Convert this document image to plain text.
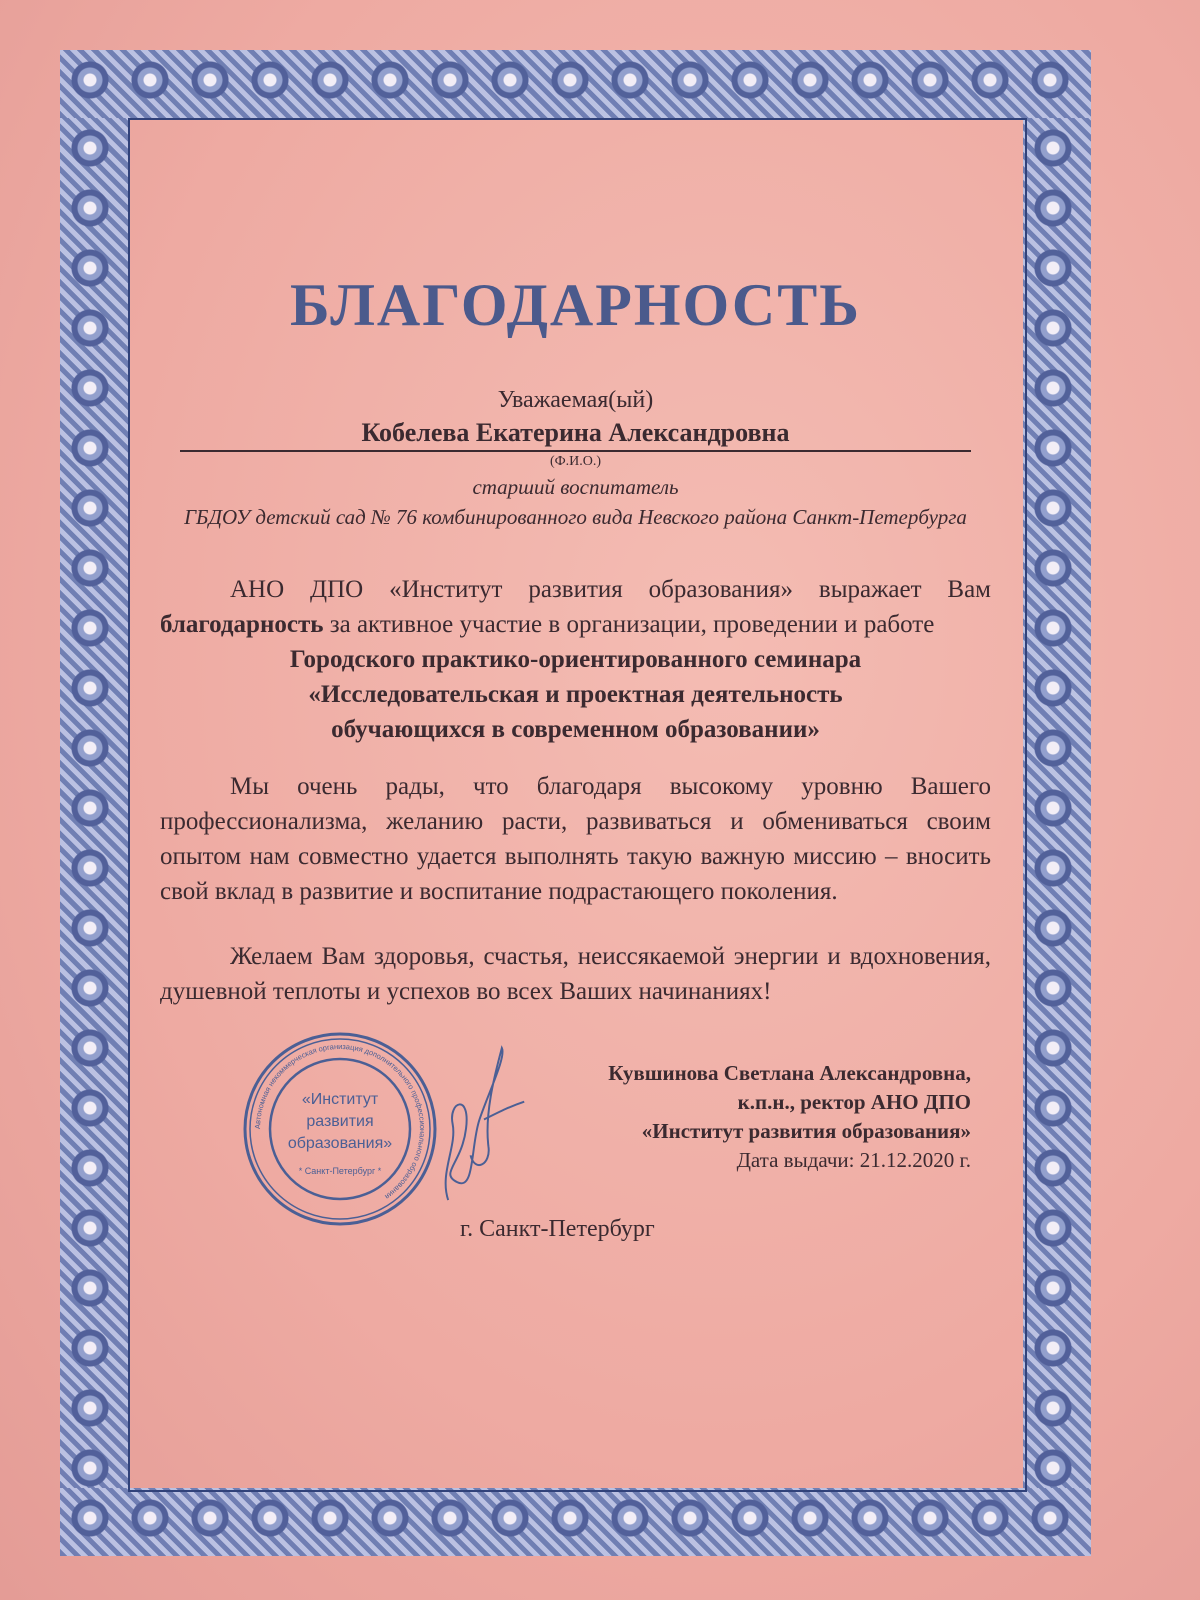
БЛАГОДАРНОСТЬ
Уважаемая(ый)
Кобелева Екатерина Александровна
(Ф.И.О.)
старший воспитатель
ГБДОУ детский сад № 76 комбинированного вида Невского района Санкт-Петербурга
АНО ДПО «Институт развития образования» выражает Вам благодарность за активное участие в организации, проведении и работе
Городского практико-ориентированного семинара
«Исследовательская и проектная деятельность
обучающихся в современном образовании»
Мы очень рады, что благодаря высокому уровню Вашего профессионализма, желанию расти, развиваться и обмениваться своим опытом нам совместно удается выполнять такую важную миссию – вносить свой вклад в развитие и воспитание подрастающего поколения.
Желаем Вам здоровья, счастья, неиссякаемой энергии и вдохновения, душевной теплоты и успехов во всех Ваших начинаниях!
Автономная некоммерческая организация дополнительного профессионального образования
«Институт
развития
образования»
* Санкт-Петербург *
Кувшинова Светлана Александровна,
к.п.н., ректор АНО ДПО
«Институт развития образования»
Дата выдачи: 21.12.2020 г.
г. Санкт-Петербург
